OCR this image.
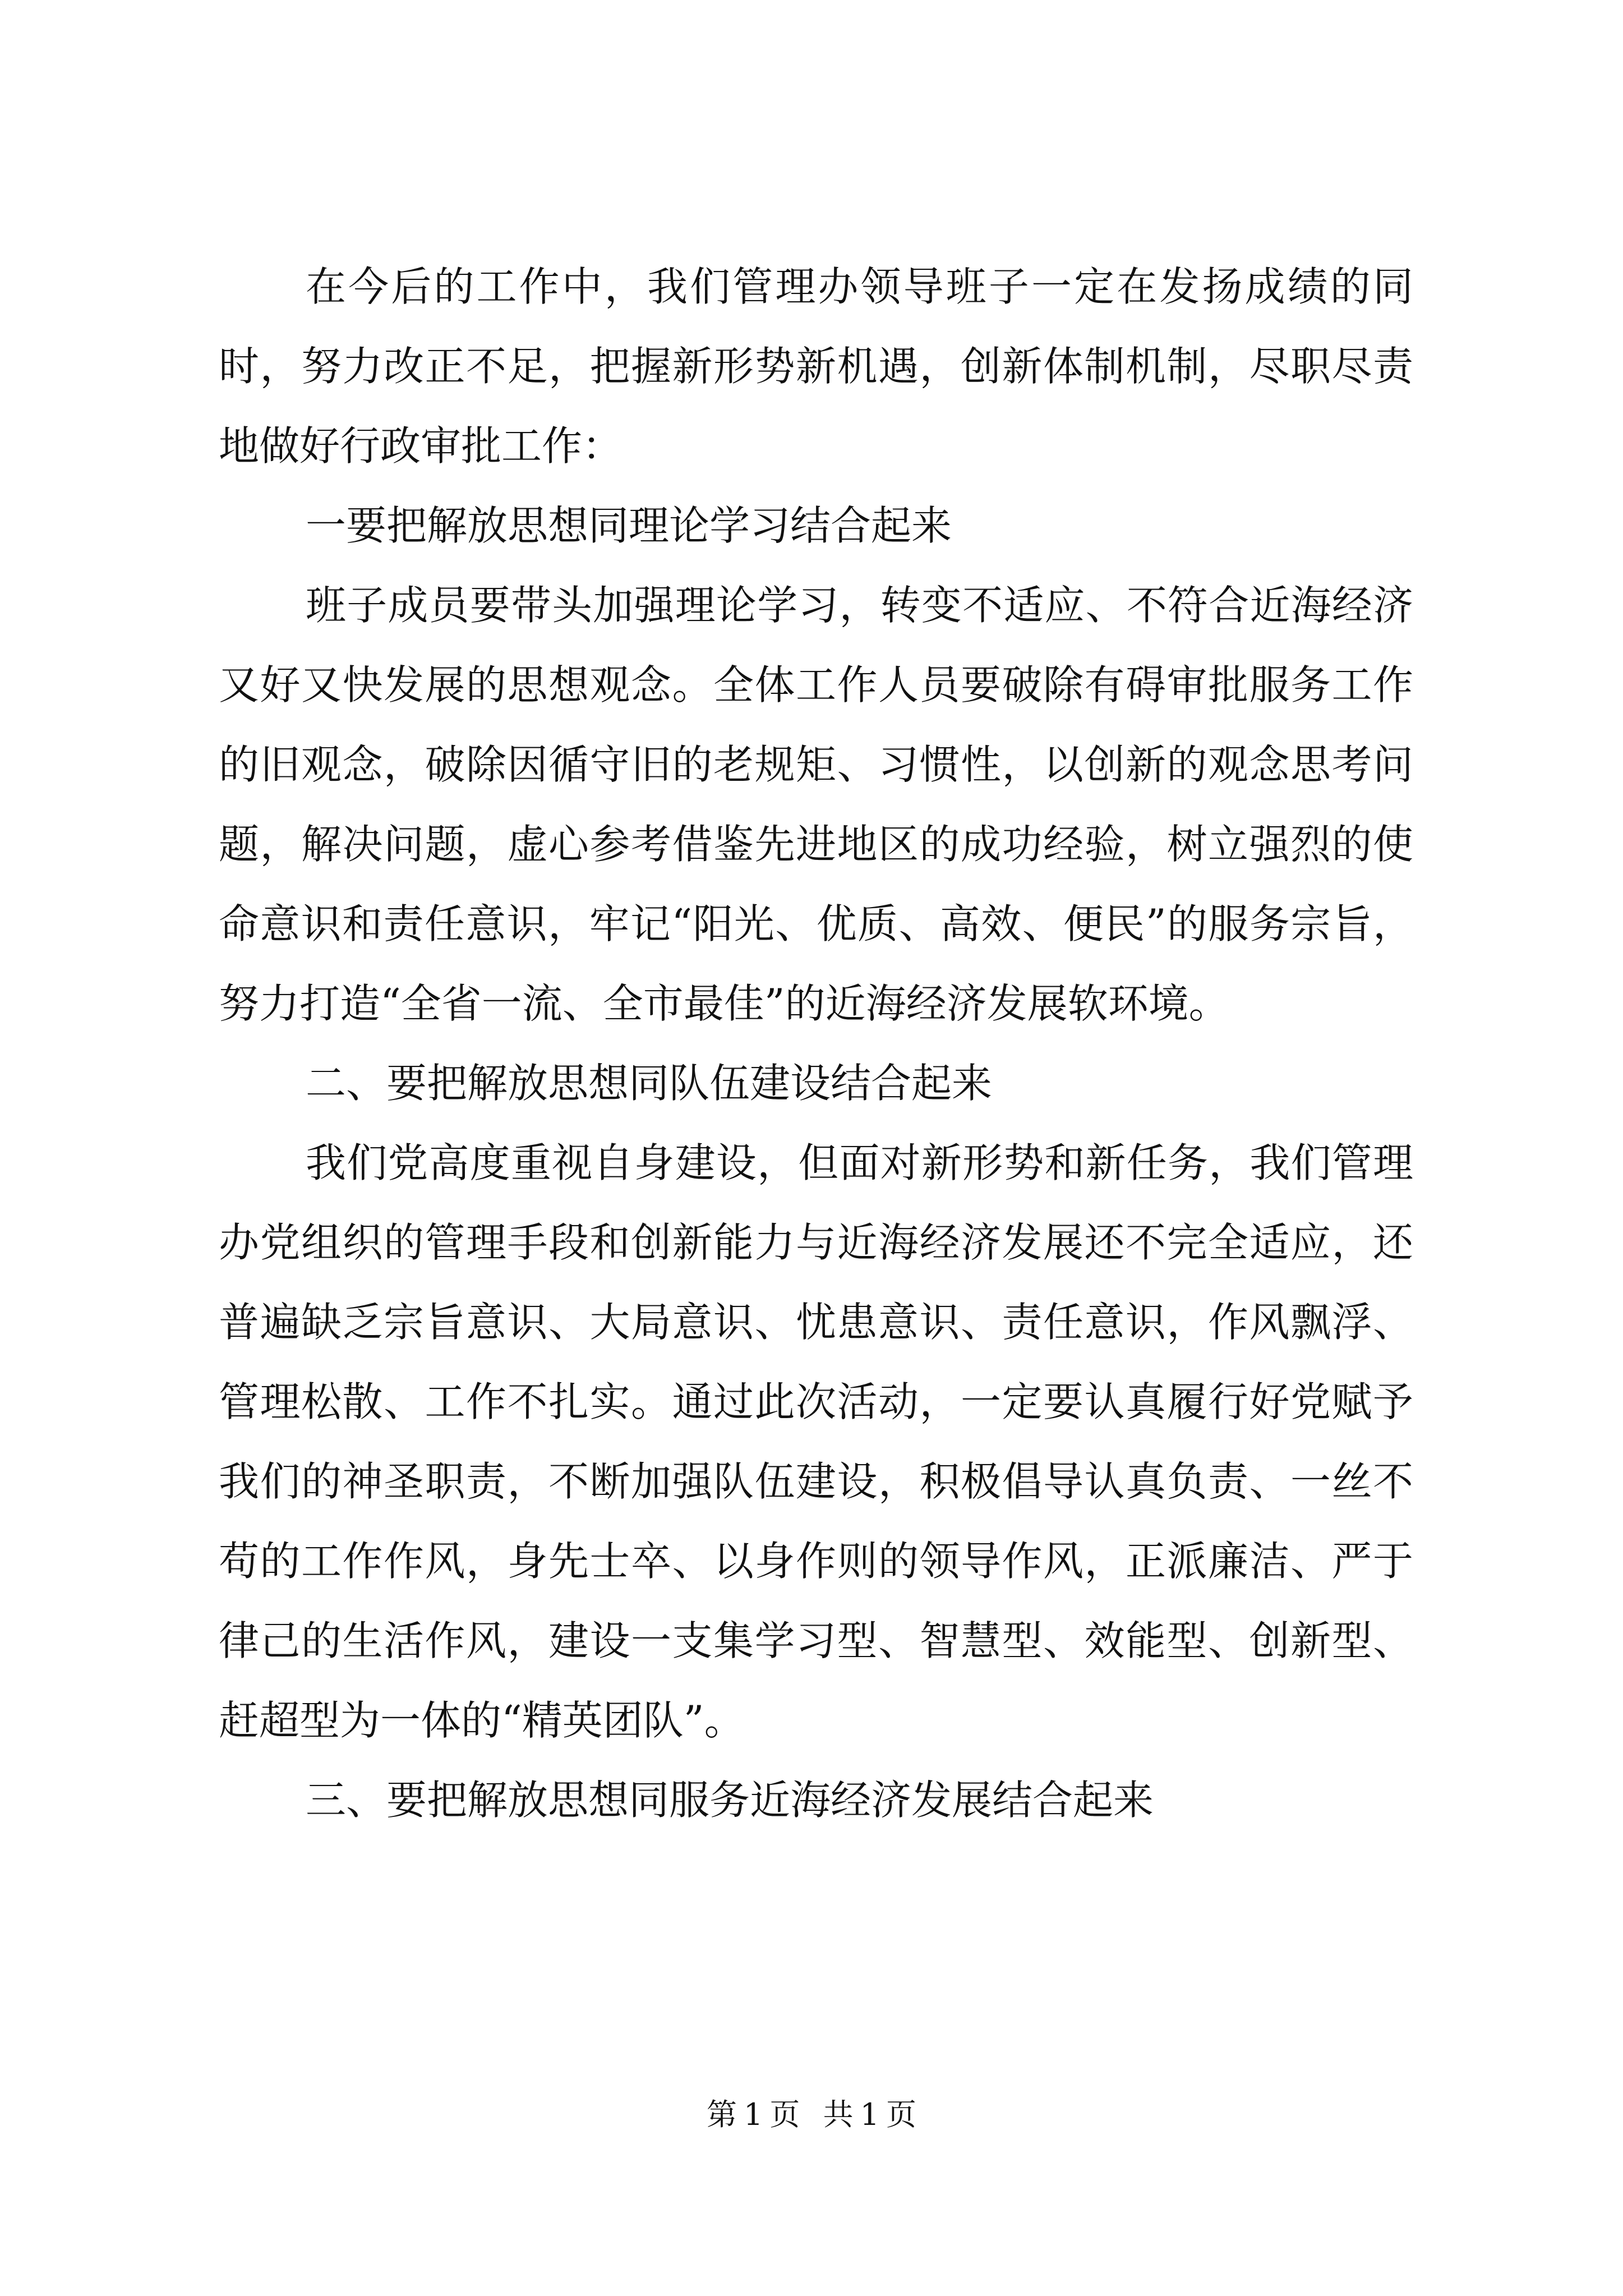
在今后的工作中，我们管理办领导班子一定在发扬成绩的同时，努力改正不足，把握新形势新机遇，创新体制机制，尽职尽责地做好行政审批工作：

一要把解放思想同理论学习结合起来

班子成员要带头加强理论学习，转变不适应、不符合近海经济又好又快发展的思想观念。全体工作人员要破除有碍审批服务工作的旧观念，破除因循守旧的老规矩、习惯性，以创新的观念思考问题，解决问题，虚心参考借鉴先进地区的成功经验，树立强烈的使命意识和责任意识，牢记“阳光、优质、高效、便民”的服务宗旨，努力打造“全省一流、全市最佳”的近海经济发展软环境。

二、要把解放思想同队伍建设结合起来

我们党高度重视自身建设，但面对新形势和新任务，我们管理办党组织的管理手段和创新能力与近海经济发展还不完全适应，还普遍缺乏宗旨意识、大局意识、忧患意识、责任意识，作风飘浮、管理松散、工作不扎实。通过此次活动，一定要认真履行好党赋予我们的神圣职责，不断加强队伍建设，积极倡导认真负责、一丝不苟的工作作风，身先士卒、以身作则的领导作风，正派廉洁、严于律己的生活作风，建设一支集学习型、智慧型、效能型、创新型、赶超型为一体的“精英团队”。

三、要把解放思想同服务近海经济发展结合起来

第 1 页 共 1 页
